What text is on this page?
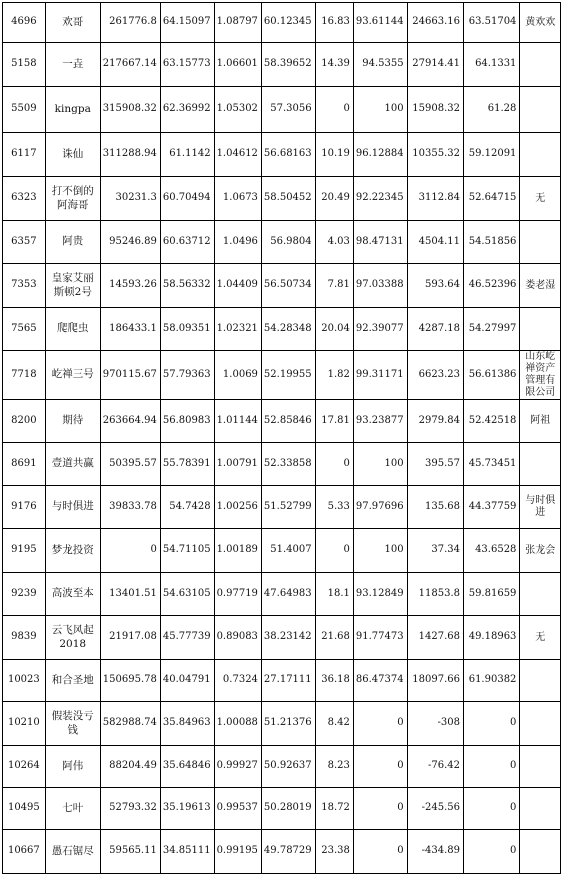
4696	欢哥	261776.8	64.15097	1.08797	60.12345	16.83	93.61144	24663.16	63.51704	黄欢欢
5158	一垚	217667.14	63.15773	1.06601	58.39652	14.39	94.5355	27914.41	64.1331	
5509	kingpa	315908.32	62.36992	1.05302	57.3056	0	100	15908.32	61.28	
6117	诛仙	311288.94	61.1142	1.04612	56.68163	10.19	96.12884	10355.32	59.12091	
6323	打不倒的阿海哥	30231.3	60.70494	1.0673	58.50452	20.49	92.22345	3112.84	52.64715	无
6357	阿贵	95246.89	60.63712	1.0496	56.9804	4.03	98.47131	4504.11	54.51856	
7353	皇家艾丽斯顿2号	14593.26	58.56332	1.04409	56.50734	7.81	97.03388	593.64	46.52396	娄老湿
7565	爬爬虫	186433.1	58.09351	1.02321	54.28348	20.04	92.39077	4287.18	54.27997	
7718	屹禅三号	970115.67	57.79363	1.0069	52.19955	1.82	99.31171	6623.23	56.61386	山东屹禅资产管理有限公司
8200	期待	263664.94	56.80983	1.01144	52.85846	17.81	93.23877	2979.84	52.42518	阿祖
8691	壹道共赢	50395.57	55.78391	1.00791	52.33858	0	100	395.57	45.73451	
9176	与时俱进	39833.78	54.7428	1.00256	51.52799	5.33	97.97696	135.68	44.37759	与时俱进
9195	梦龙投资	0	54.71105	1.00189	51.4007	0	100	37.34	43.6528	张龙会
9239	高波至本	13401.51	54.63105	0.97719	47.64983	18.1	93.12849	11853.8	59.81659	
9839	云飞风起2018	21917.08	45.77739	0.89083	38.23142	21.68	91.77473	1427.68	49.18963	无
10023	和合圣地	150695.78	40.04791	0.7324	27.17111	36.18	86.47374	18097.66	61.90382	
10210	假装没亏钱	582988.74	35.84963	1.00088	51.21376	8.42	0	-308	0	
10264	阿伟	88204.49	35.64846	0.99927	50.92637	8.23	0	-76.42	0	
10495	七叶	52793.32	35.19613	0.99537	50.28019	18.72	0	-245.56	0	
10667	愚石锯尽	59565.11	34.85111	0.99195	49.78729	23.38	0	-434.89	0	
